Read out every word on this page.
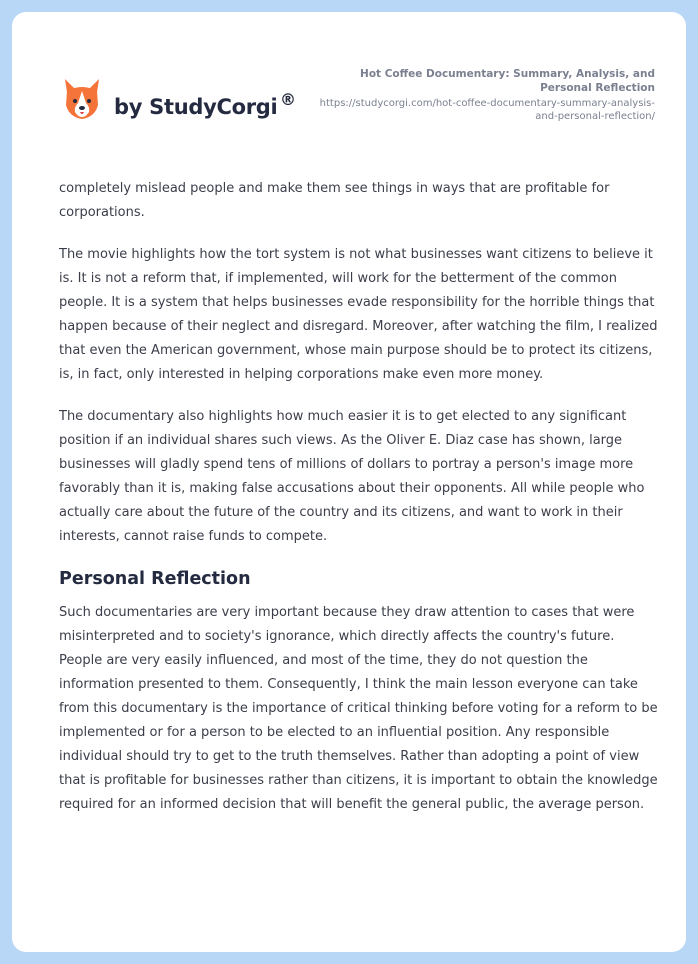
by StudyCorgi ®
Hot Coffee Documentary: Summary, Analysis, and Personal Reflection
https://studycorgi.com/hot-coffee-documentary-summary-analysis-and-personal-reflection/

completely mislead people and make them see things in ways that are profitable for corporations.

The movie highlights how the tort system is not what businesses want citizens to believe it is. It is not a reform that, if implemented, will work for the betterment of the common people. It is a system that helps businesses evade responsibility for the horrible things that happen because of their neglect and disregard. Moreover, after watching the film, I realized that even the American government, whose main purpose should be to protect its citizens, is, in fact, only interested in helping corporations make even more money.

The documentary also highlights how much easier it is to get elected to any significant position if an individual shares such views. As the Oliver E. Diaz case has shown, large businesses will gladly spend tens of millions of dollars to portray a person's image more favorably than it is, making false accusations about their opponents. All while people who actually care about the future of the country and its citizens, and want to work in their interests, cannot raise funds to compete.

Personal Reflection

Such documentaries are very important because they draw attention to cases that were misinterpreted and to society's ignorance, which directly affects the country's future. People are very easily influenced, and most of the time, they do not question the information presented to them. Consequently, I think the main lesson everyone can take from this documentary is the importance of critical thinking before voting for a reform to be implemented or for a person to be elected to an influential position. Any responsible individual should try to get to the truth themselves. Rather than adopting a point of view that is profitable for businesses rather than citizens, it is important to obtain the knowledge required for an informed decision that will benefit the general public, the average person.
